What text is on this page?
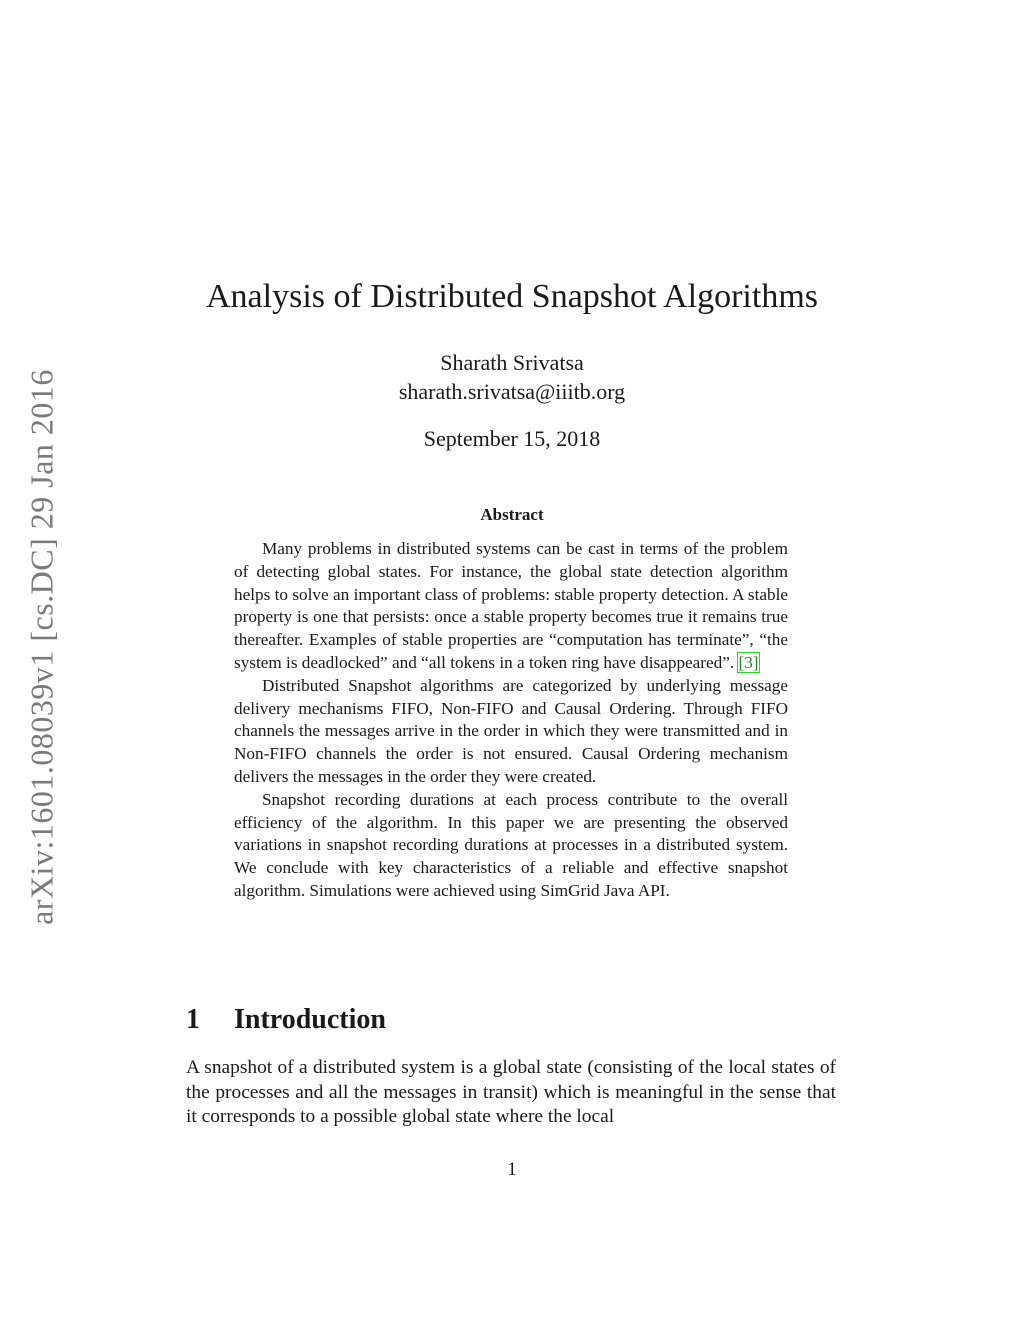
arXiv:1601.08039v1 [cs.DC] 29 Jan 2016
Analysis of Distributed Snapshot Algorithms
Sharath Srivatsa
sharath.srivatsa@iiitb.org
September 15, 2018
Abstract

Many problems in distributed systems can be cast in terms of the problem of detecting global states. For instance, the global state detection algorithm helps to solve an important class of problems: stable property detection. A stable property is one that persists: once a stable property becomes true it remains true thereafter. Examples of stable properties are “computation has terminate”, “the system is deadlocked” and “all tokens in a token ring have disappeared”. [3]

Distributed Snapshot algorithms are categorized by underlying message delivery mechanisms FIFO, Non-FIFO and Causal Ordering. Through FIFO channels the messages arrive in the order in which they were transmitted and in Non-FIFO channels the order is not ensured. Causal Ordering mechanism delivers the messages in the order they were created.

Snapshot recording durations at each process contribute to the overall efficiency of the algorithm. In this paper we are presenting the observed variations in snapshot recording durations at processes in a distributed system. We conclude with key characteristics of a reliable and effective snapshot algorithm. Simulations were achieved using SimGrid Java API.

1 Introduction

A snapshot of a distributed system is a global state (consisting of the local states of the processes and all the messages in transit) which is meaningful in the sense that it corresponds to a possible global state where the local

1
